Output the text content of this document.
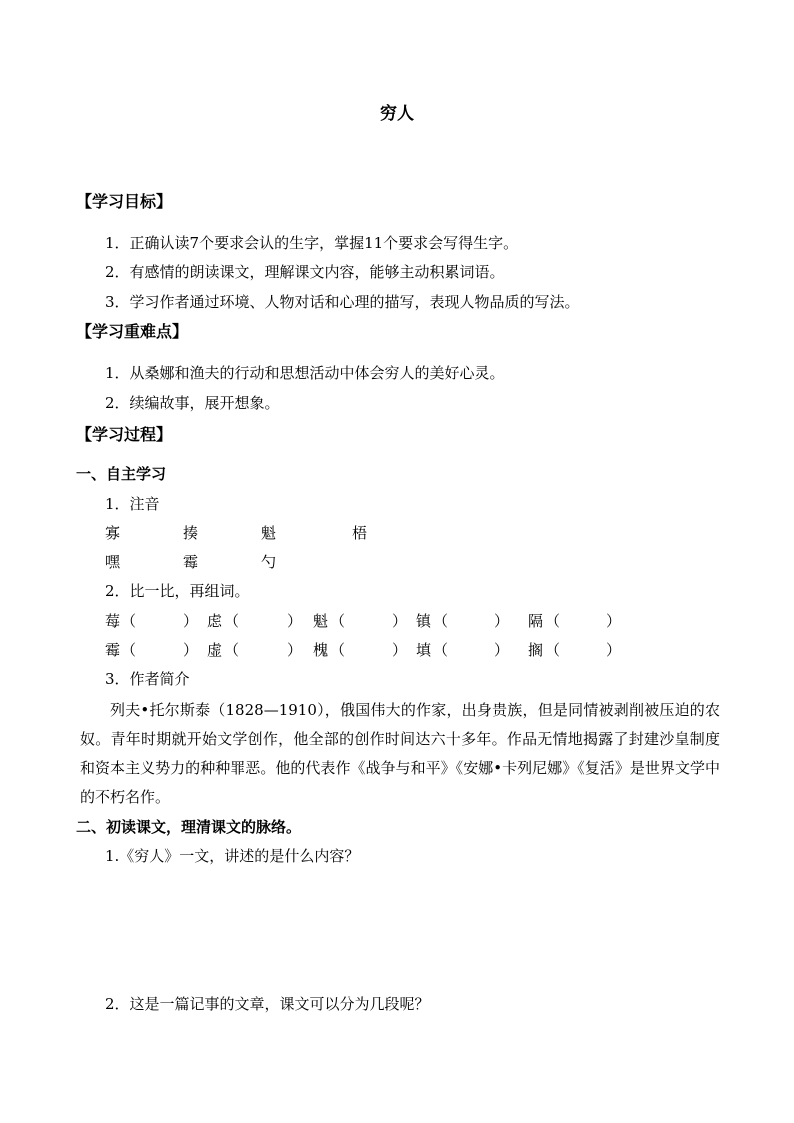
穷人
【学习目标】
1．正确认读7个要求会认的生字，掌握11个要求会写得生字。
2．有感情的朗读课文，理解课文内容，能够主动积累词语。
3．学习作者通过环境、人物对话和心理的描写，表现人物品质的写法。
【学习重难点】
1．从桑娜和渔夫的行动和思想活动中体会穷人的美好心灵。
2．续编故事，展开想象。
【学习过程】
一、自主学习
1．注音
寡	揍	魁	梧
嘿	霉	勺
2．比一比，再组词。
莓 （	） 虑 （	） 魁 （	） 镇 （	） 隔 （	）
霉 （	） 虚 （	） 槐 （	） 填 （	） 搁 （	）
3．作者简介
列夫•托尔斯泰（1828—1910），俄国伟大的作家，出身贵族，但是同情被剥削被压迫的农奴。青年时期就开始文学创作，他全部的创作时间达六十多年。作品无情地揭露了封建沙皇制度和资本主义势力的种种罪恶。他的代表作《战争与和平》《安娜•卡列尼娜》《复活》是世界文学中的不朽名作。
二、初读课文，理清课文的脉络。
1.《穷人》一文，讲述的是什么内容？
2．这是一篇记事的文章，课文可以分为几段呢？
